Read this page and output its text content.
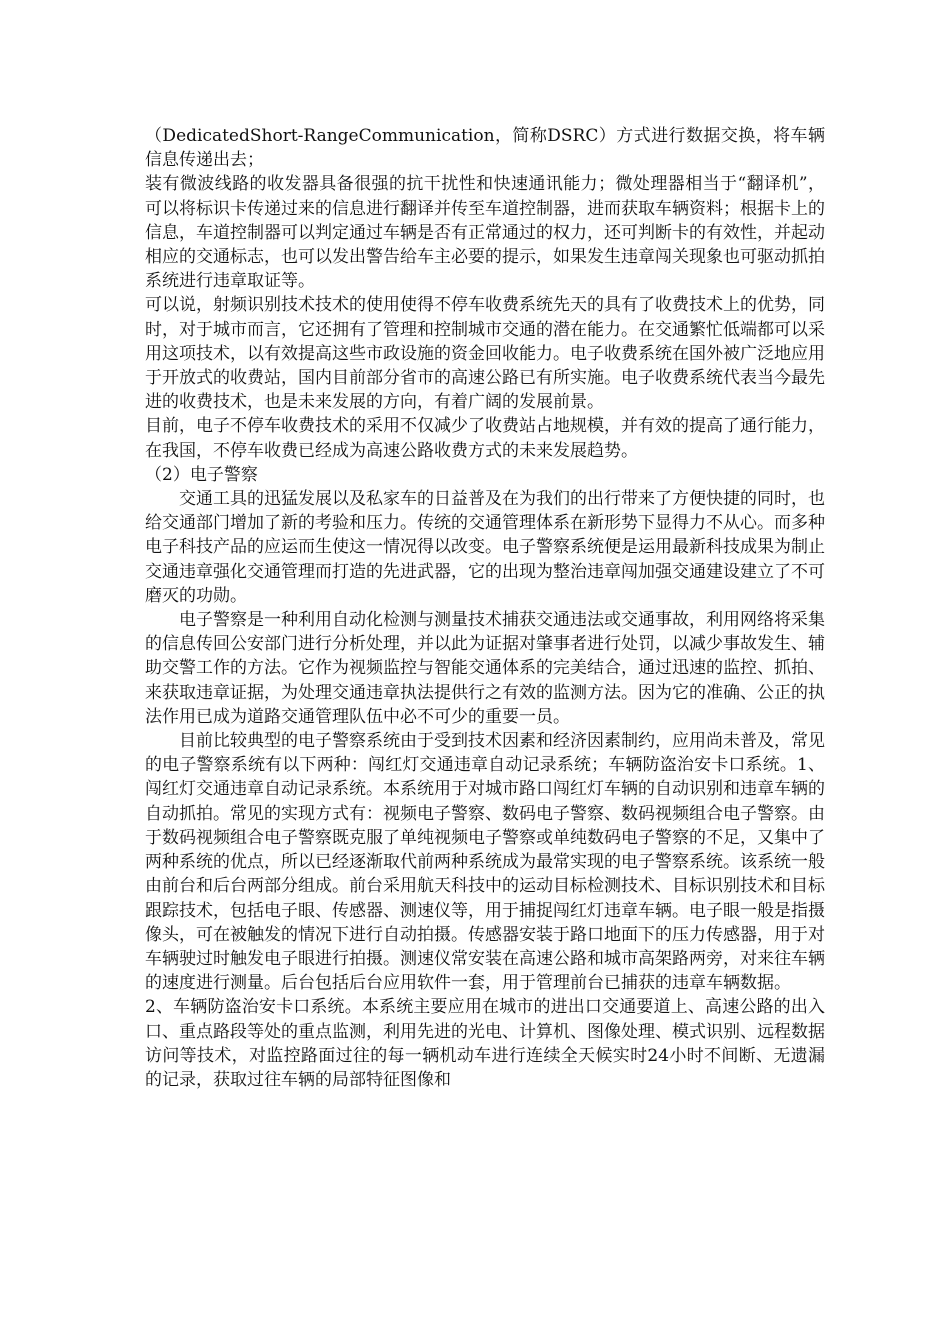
（DedicatedShort-RangeCommunication，简称DSRC）方式进行数据交换，将车辆信息传递出去；

装有微波线路的收发器具备很强的抗干扰性和快速通讯能力；微处理器相当于“翻译机”，可以将标识卡传递过来的信息进行翻译并传至车道控制器，进而获取车辆资料；根据卡上的信息，车道控制器可以判定通过车辆是否有正常通过的权力，还可判断卡的有效性，并起动相应的交通标志，也可以发出警告给车主必要的提示，如果发生违章闯关现象也可驱动抓拍系统进行违章取证等。

可以说，射频识别技术技术的使用使得不停车收费系统先天的具有了收费技术上的优势，同时，对于城市而言，它还拥有了管理和控制城市交通的潜在能力。在交通繁忙低端都可以采用这项技术，以有效提高这些市政设施的资金回收能力。电子收费系统在国外被广泛地应用于开放式的收费站，国内目前部分省市的高速公路已有所实施。电子收费系统代表当今最先进的收费技术，也是未来发展的方向，有着广阔的发展前景。

目前，电子不停车收费技术的采用不仅减少了收费站占地规模，并有效的提高了通行能力，在我国，不停车收费已经成为高速公路收费方式的未来发展趋势。

（2）电子警察

交通工具的迅猛发展以及私家车的日益普及在为我们的出行带来了方便快捷的同时，也给交通部门增加了新的考验和压力。传统的交通管理体系在新形势下显得力不从心。而多种电子科技产品的应运而生使这一情况得以改变。电子警察系统便是运用最新科技成果为制止交通违章强化交通管理而打造的先进武器，它的出现为整治违章闯加强交通建设建立了不可磨灭的功勋。

电子警察是一种利用自动化检测与测量技术捕获交通违法或交通事故，利用网络将采集的信息传回公安部门进行分析处理，并以此为证据对肇事者进行处罚，以减少事故发生、辅助交警工作的方法。它作为视频监控与智能交通体系的完美结合，通过迅速的监控、抓拍、来获取违章证据，为处理交通违章执法提供行之有效的监测方法。因为它的准确、公正的执法作用已成为道路交通管理队伍中必不可少的重要一员。

目前比较典型的电子警察系统由于受到技术因素和经济因素制约，应用尚未普及，常见的电子警察系统有以下两种：闯红灯交通违章自动记录系统；车辆防盗治安卡口系统。1、闯红灯交通违章自动记录系统。本系统用于对城市路口闯红灯车辆的自动识别和违章车辆的自动抓拍。常见的实现方式有：视频电子警察、数码电子警察、数码视频组合电子警察。由于数码视频组合电子警察既克服了单纯视频电子警察或单纯数码电子警察的不足，又集中了两种系统的优点，所以已经逐渐取代前两种系统成为最常实现的电子警察系统。该系统一般由前台和后台两部分组成。前台采用航天科技中的运动目标检测技术、目标识别技术和目标跟踪技术，包括电子眼、传感器、测速仪等，用于捕捉闯红灯违章车辆。电子眼一般是指摄像头，可在被触发的情况下进行自动拍摄。传感器安装于路口地面下的压力传感器，用于对车辆驶过时触发电子眼进行拍摄。测速仪常安装在高速公路和城市高架路两旁，对来往车辆的速度进行测量。后台包括后台应用软件一套，用于管理前台已捕获的违章车辆数据。

2、车辆防盗治安卡口系统。本系统主要应用在城市的进出口交通要道上、高速公路的出入口、重点路段等处的重点监测，利用先进的光电、计算机、图像处理、模式识别、远程数据访问等技术，对监控路面过往的每一辆机动车进行连续全天候实时24小时不间断、无遗漏的记录，获取过往车辆的局部特征图像和
